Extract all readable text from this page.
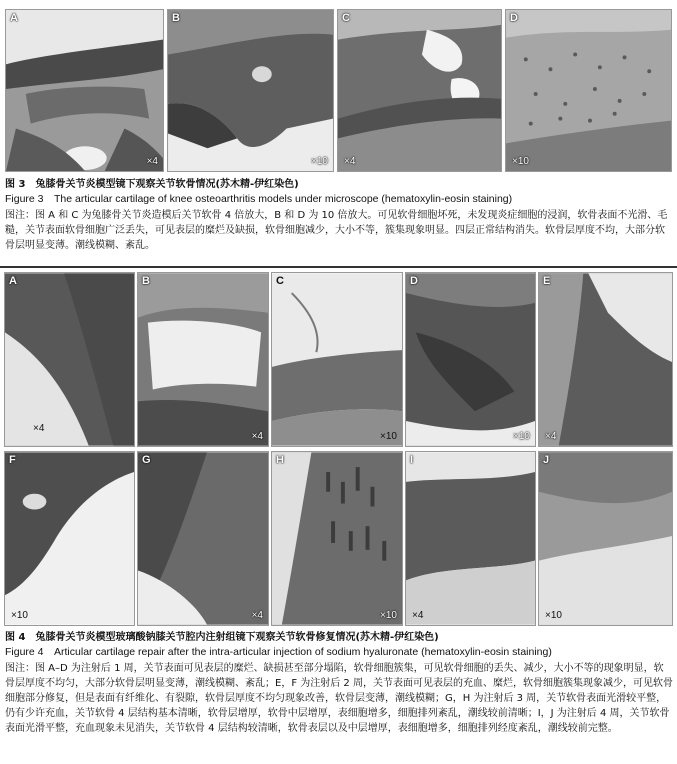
A
×4
B
×10
C
×4
D
×10
图 3　兔膝骨关节炎模型镜下观察关节软骨情况(苏木精-伊红染色)
Figure 3　The articular cartilage of knee osteoarthritis models under microscope (hematoxylin-eosin staining)
图注：图 A 和 C 为兔膝骨关节炎造模后关节软骨 4 倍放大，B 和 D 为 10 倍放大。可见软骨细胞坏死，未发现炎症细胞的浸润，软骨表面不光滑、毛糙，关节表面软骨细胞广泛丢失，可见表层的糜烂及缺损，软骨细胞减少，大小不等，簇集现象明显。四层正常结构消失。软骨层厚度不均，大部分软骨层明显变薄。潮线模糊、紊乱。
A
×4
B
×4
C
×10
D
×10
E
×4
F
×10
G
×4
H
×10
I
×4
J
×10
图 4　兔膝骨关节炎模型玻璃酸钠膝关节腔内注射组镜下观察关节软骨修复情况(苏木精-伊红染色)
Figure 4　Articular cartilage repair after the intra-articular injection of sodium hyaluronate (hematoxylin-eosin staining)
图注：图 A–D 为注射后 1 周，关节表面可见表层的糜烂、缺损甚至部分塌陷，软骨细胞簇集，可见软骨细胞的丢失、减少，大小不等的现象明显，软骨层厚度不均匀，大部分软骨层明显变薄，潮线模糊、紊乱；E，F 为注射后 2 周，关节表面可见表层的充血、糜烂，软骨细胞簇集现象减少，可见软骨细胞部分修复，但是表面有纤维化、有裂隙，软骨层厚度不均匀现象改善，软骨层变薄，潮线模糊；G，H 为注射后 3 周，关节软骨表面光滑较平整，仍有少许充血，关节软骨 4 层结构基本清晰，软骨层增厚，软骨中层增厚，表细胞增多，细胞排列紊乱，潮线较前清晰；I，J 为注射后 4 周，关节软骨表面光滑平整，充血现象未见消失，关节软骨 4 层结构较清晰，软骨表层以及中层增厚，表细胞增多，细胞排列经度紊乱，潮线较前完整。
